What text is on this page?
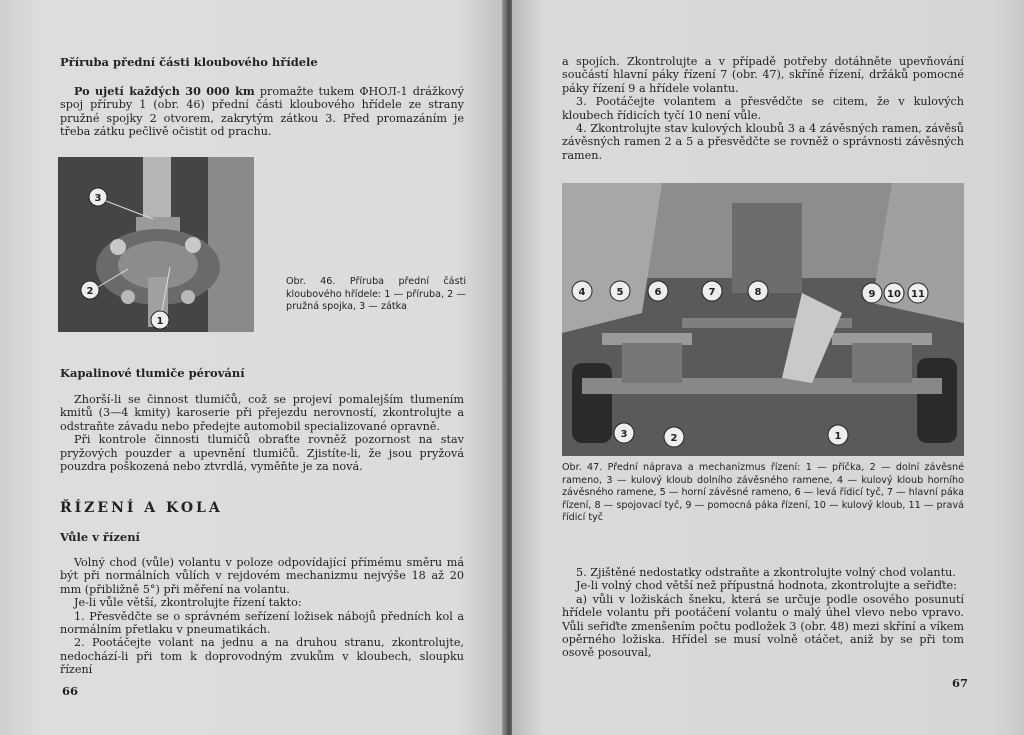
Příruba přední části kloubového hřídele

Po ujetí každých 30 000 km promažte tukem ΦΗΟЛ-1 drážkový spoj příruby 1 (obr. 46) přední části kloubového hřídele ze strany pružné spojky 2 otvorem, zakrytým zátkou 3. Před promazáním je třeba zátku pečlivě očistit od prachu.

3
2
1

Obr. 46. Příruba přední části kloubového hřídele: 1 — příruba, 2 — pružná spojka, 3 — zátka

Kapalinové tlumiče pérování

Zhorší-li se činnost tlumičů, což se projeví pomalejším tlumením kmitů (3—4 kmity) karoserie při přejezdu nerovností, zkontrolujte a odstraňte závadu nebo předejte automobil specializované opravně.

Při kontrole činnosti tlumičů obraťte rovněž pozornost na stav pryžových pouzder a upevnění tlumičů. Zjistíte-li, že jsou pryžová pouzdra poškozená nebo ztvrdlá, vyměňte je za nová.

ŘÍZENÍ A KOLA
Vůle v řízení

Volný chod (vůle) volantu v poloze odpovídající přímému směru má být při normálních vůlích v rejdovém mechanizmu nejvýše 18 až 20 mm (přibližně 5°) při měření na volantu.

Je-li vůle větší, zkontrolujte řízení takto:

1. Přesvědčte se o správném seřízení ložisek nábojů předních kol a normálním přetlaku v pneumatikách.

2. Pootáčejte volant na jednu a na druhou stranu, zkontrolujte, nedochází-li při tom k doprovodným zvukům v kloubech, sloupku řízení

66

a spojích. Zkontrolujte a v případě potřeby dotáhněte upevňování součástí hlavní páky řízení 7 (obr. 47), skříně řízení, držáků pomocné páky řízení 9 a hřídele volantu.

3. Pootáčejte volantem a přesvědčte se citem, že v kulových kloubech řídicích tyčí 10 není vůle.

4. Zkontrolujte stav kulových kloubů 3 a 4 závěsných ramen, závěsů závěsných ramen 2 a 5 a přesvědčte se rovněž o správnosti závěsných ramen.

4	5	6	7	8	9 10 11
3	2	1

Obr. 47. Přední náprava a mechanizmus řízení: 1 — příčka, 2 — dolní závěsné rameno, 3 — kulový kloub dolního závěsného ramene, 4 — kulový kloub horního závěsného ramene, 5 — horní závěsné rameno, 6 — levá řídicí tyč, 7 — hlavní páka řízení, 8 — spojovací tyč, 9 — pomocná páka řízení, 10 — kulový kloub, 11 — pravá řídicí tyč

5. Zjištěné nedostatky odstraňte a zkontrolujte volný chod volantu.

Je-li volný chod větší než přípustná hodnota, zkontrolujte a seřiďte:

a) vůli v ložiskách šneku, která se určuje podle osového posunutí hřídele volantu při pootáčení volantu o malý úhel vlevo nebo vpravo. Vůli seřiďte zmenšením počtu podložek 3 (obr. 48) mezi skříní a víkem opěrného ložiska. Hřídel se musí volně otáčet, aniž by se při tom osově posouval,

67
